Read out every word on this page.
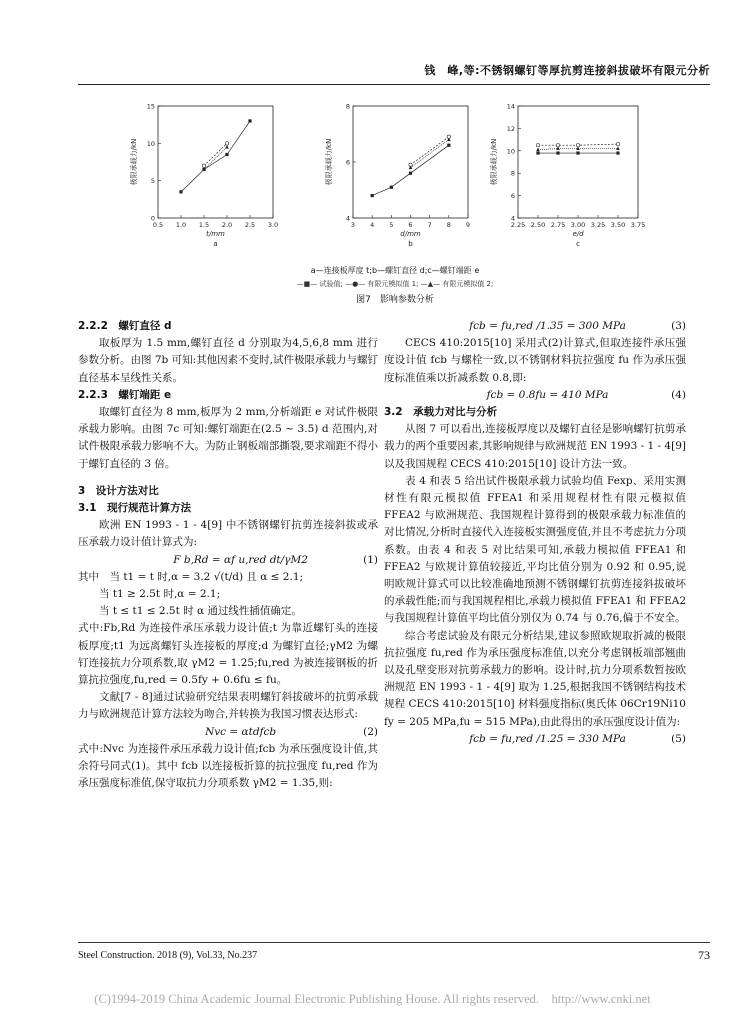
钱　峰,等:不锈钢螺钉等厚抗剪连接斜拔破坏有限元分析
0.5 1.0 1.5 2.0 2.5 3.0
0
5
10
15
t/mm
极限承载力/kN
a
3 4 5 6 7 8 9
4
6
8
d/mm
极限承载力/kN
b
2.25 2.50 2.75 3.00 3.25 3.50 3.75
4
6
8
10
12
14
e/d
极限承载力/kN
c
a—连接板厚度 t;b—螺钉直径 d;c—螺钉端距 e
—■— 试验值; —●— 有限元模拟值 1; —▲— 有限元模拟值 2;
图7　影响参数分析

2.2.2　螺钉直径 d

取板厚为 1.5 mm,螺钉直径 d 分别取为4,5,6,8 mm 进行参数分析。由图 7b 可知:其他因素不变时,试件极限承载力与螺钉直径基本呈线性关系。

2.2.3　螺钉端距 e

取螺钉直径为 8 mm,板厚为 2 mm,分析端距 e 对试件极限承载力影响。由图 7c 可知:螺钉端距在(2.5 ~ 3.5) d 范围内,对试件极限承载力影响不大。为防止钢板端部撕裂,要求端距不得小于螺钉直径的 3 倍。

3　设计方法对比

3.1　现行规范计算方法

欧洲 EN 1993 - 1 - 4[9] 中不锈钢螺钉抗剪连接斜拔或承压承载力设计值计算式为:

F b,Rd = αf u,red dt/γM2	(1)

其中　当 t1 = t 时,α = 3.2 √(t/d) 且 α ≤ 2.1;

当 t1 ≥ 2.5t 时,α = 2.1;

当 t ≤ t1 ≤ 2.5t 时 α 通过线性插值确定。

式中:Fb,Rd 为连接件承压承载力设计值;t 为靠近螺钉头的连接板厚度;t1 为远离螺钉头连接板的厚度;d 为螺钉直径;γM2 为螺钉连接抗力分项系数,取 γM2 = 1.25;fu,red 为被连接钢板的折算抗拉强度,fu,red = 0.5fy + 0.6fu ≤ fu。

文献[7 - 8]通过试验研究结果表明螺钉斜拔破坏的抗剪承载力与欧洲规范计算方法较为吻合,并转换为我国习惯表达形式:

Nvc = αtdfcb	(2)

式中:Nvc 为连接件承压承载力设计值;fcb 为承压强度设计值,其余符号同式(1)。其中 fcb 以连接板折算的抗拉强度 fu,red 作为承压强度标准值,保守取抗力分项系数 γM2 = 1.35,则:

fcb = fu,red /1.35 = 300 MPa	(3)

CECS 410:2015[10] 采用式(2)计算式,但取连接件承压强度设计值 fcb 与螺栓一致,以不锈钢材料抗拉强度 fu 作为承压强度标准值乘以折减系数 0.8,即:

fcb = 0.8fu = 410 MPa	(4)

3.2　承载力对比与分析

从图 7 可以看出,连接板厚度以及螺钉直径是影响螺钉抗剪承载力的两个重要因素,其影响规律与欧洲规范 EN 1993 - 1 - 4[9] 以及我国规程 CECS 410:2015[10] 设计方法一致。

表 4 和表 5 给出试件极限承载力试验均值 Fexp、采用实测材性有限元模拟值 FFEA1 和采用规程材性有限元模拟值 FFEA2 与欧洲规范、我国规程计算得到的极限承载力标准值的对比情况,分析时直接代入连接板实测强度值,并且不考虑抗力分项系数。由表 4 和表 5 对比结果可知,承载力模拟值 FFEA1 和 FFEA2 与欧规计算值较接近,平均比值分别为 0.92 和 0.95,说明欧规计算式可以比较准确地预测不锈钢螺钉抗剪连接斜拔破坏的承载性能;而与我国规程相比,承载力模拟值 FFEA1 和 FFEA2 与我国规程计算值平均比值分别仅为 0.74 与 0.76,偏于不安全。

综合考虑试验及有限元分析结果,建议参照欧规取折减的极限抗拉强度 fu,red 作为承压强度标准值,以充分考虑钢板端部翘曲以及孔壁变形对抗剪承载力的影响。设计时,抗力分项系数暂按欧洲规范 EN 1993 - 1 - 4[9] 取为 1.25,根据我国不锈钢结构技术规程 CECS 410:2015[10] 材料强度指标(奥氏体 06Cr19Ni10 fy = 205 MPa,fu = 515 MPa),由此得出的承压强度设计值为:

fcb = fu,red /1.25 = 330 MPa	(5)
Steel Construction. 2018 (9), Vol.33, No.237	73
(C)1994-2019 China Academic Journal Electronic Publishing House. All rights reserved.    http://www.cnki.net
